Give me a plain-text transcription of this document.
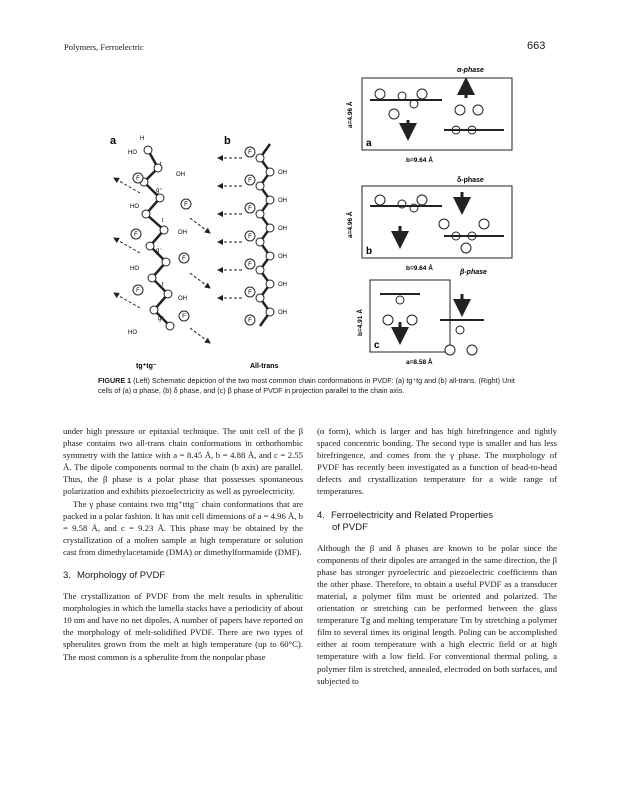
Polymers, Ferroelectric	663
a
F
F
F
F
F
F
H
HO
OH
HO
OH
HO
OH
HO
t
g⁺
t
g⁻
t
g⁺
tg⁺tg⁻
b
F
F
F
F
F
F
F
OH
OH
OH
OH
OH
OH
All-trans
α-phase
a=4.96 Å
b=9.64 Å
a
δ-phase
a=4.96 Å
b=9.64 Å
b
β-phase
b=4.91 Å
a=8.58 Å
c
FIGURE 1 (Left) Schematic depiction of the two most common chain conformations in PVDF: (a) tg⁺tg and (b) all-trans. (Right) Unit cells of (a) α phase, (b) δ phase, and (c) β phase of PVDF in projection parallel to the chain axis.

under high pressure or epitaxial technique. The unit cell of the β phase contains two all-trans chain conformations in orthorhombic symmetry with the lattice with a = 8.45 Å, b = 4.88 Å, and c = 2.55 Å. The dipole components normal to the chain (b axis) are parallel. Thus, the β phase is a polar phase that possesses spontaneous polarization and exhibits piezoelectricity as well as pyroelectricity.

The γ phase contains two tttg⁺tttg⁻ chain conformations that are packed in a polar fashion. It has unit cell dimensions of a = 4.96 Å, b = 9.58 Å, and c = 9.23 Å. This phase may be obtained by the crystallization of a molten sample at high temperature or solution cast from dimethylacetamide (DMA) or dimethylformamide (DMF).

3. Morphology of PVDF

The crystallization of PVDF from the melt results in spherulitic morphologies in which the lamella stacks have a periodicity of about 10 nm and have no net dipoles. A number of papers have reported on the morphology of melt-solidified PVDF. There are two types of spherulites grown from the melt at high temperature (up to 60°C). The most common is a spherulite from the nonpolar phase

(α form), which is larger and has high birefringence and tightly spaced concentric bonding. The second type is smaller and has less birefringence, and comes from the γ phase. The morphology of PVDF has recently been investigated as a function of head-to-head defects and crystallization temperature for a wide range of temperatures.

4. Ferroelectricity and Related Properties
of PVDF

Although the β and δ phases are known to be polar since the components of their dipoles are arranged in the same direction, the β phase has stronger pyroelectric and piezoelectric coefficients than the other phase. Therefore, to obtain a useful PVDF as a transducer material, a polymer film must be oriented and polarized. The orientation or stretching can be performed between the glass temperature Tg and melting temperature Tm by stretching a polymer film to several times its original length. Poling can be accomplished either at room temperature with a high electric field or at high temperature with a low field. For conventional thermal poling, a polymer film is stretched, annealed, electroded on both surfaces, and subjected to
